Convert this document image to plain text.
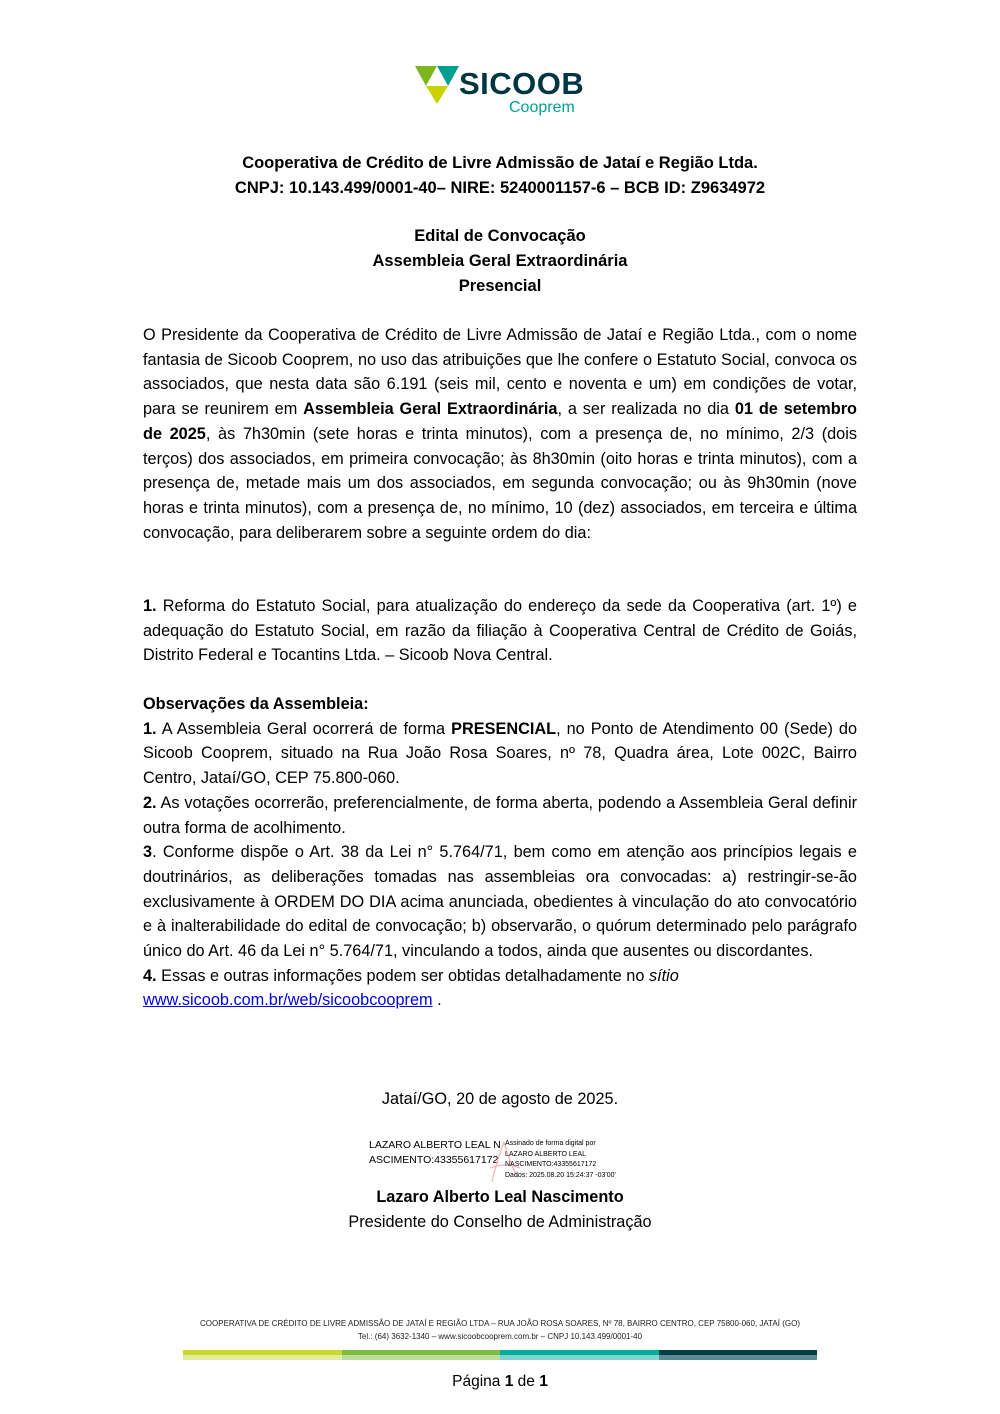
SICOOB
Cooprem
Cooperativa de Crédito de Livre Admissão de Jataí e Região Ltda.
CNPJ: 10.143.499/0001-40– NIRE: 5240001157-6 – BCB ID: Z9634972
Edital de Convocação
Assembleia Geral Extraordinária
Presencial

O Presidente da Cooperativa de Crédito de Livre Admissão de Jataí e Região Ltda., com o nome fantasia de Sicoob Cooprem, no uso das atribuições que lhe confere o Estatuto Social, convoca os associados, que nesta data são 6.191 (seis mil, cento e noventa e um) em condições de votar, para se reunirem em Assembleia Geral Extraordinária, a ser realizada no dia 01 de setembro de 2025, às 7h30min (sete horas e trinta minutos), com a presença de, no mínimo, 2/3 (dois terços) dos associados, em primeira convocação; às 8h30min (oito horas e trinta minutos), com a presença de, metade mais um dos associados, em segunda convocação; ou às 9h30min (nove horas e trinta minutos), com a presença de, no mínimo, 10 (dez) associados, em terceira e última convocação, para deliberarem sobre a seguinte ordem do dia:

1. Reforma do Estatuto Social, para atualização do endereço da sede da Cooperativa (art. 1º) e adequação do Estatuto Social, em razão da filiação à Cooperativa Central de Crédito de Goiás, Distrito Federal e Tocantins Ltda. – Sicoob Nova Central.

Observações da Assembleia:

1. A Assembleia Geral ocorrerá de forma PRESENCIAL, no Ponto de Atendimento 00 (Sede) do Sicoob Cooprem, situado na Rua João Rosa Soares, nº 78, Quadra área, Lote 002C, Bairro Centro, Jataí/GO, CEP 75.800-060.

2. As votações ocorrerão, preferencialmente, de forma aberta, podendo a Assembleia Geral definir outra forma de acolhimento.

3. Conforme dispõe o Art. 38 da Lei n° 5.764/71, bem como em atenção aos princípios legais e doutrinários, as deliberações tomadas nas assembleias ora convocadas: a) restringir-se-ão exclusivamente à ORDEM DO DIA acima anunciada, obedientes à vinculação do ato convocatório e à inalterabilidade do edital de convocação; b) observarão, o quórum determinado pelo parágrafo único do Art. 46 da Lei n° 5.764/71, vinculando a todos, ainda que ausentes ou discordantes.

4. Essas e outras informações podem ser obtidas detalhadamente no sítio
www.sicoob.com.br/web/sicoobcooprem .

Jataí/GO, 20 de agosto de 2025.
LAZARO ALBERTO LEAL NASCIMENTO:43355617172
Assinado de forma digital por
LAZARO ALBERTO LEAL
NASCIMENTO:43355617172
Dados: 2025.08.20 15:24:37 -03'00'
Lazaro Alberto Leal Nascimento
Presidente do Conselho de Administração
COOPERATIVA DE CRÉDITO DE LIVRE ADMISSÃO DE JATAÍ E REGIÃO LTDA – RUA JOÃO ROSA SOARES, Nº 78, BAIRRO CENTRO, CEP 75800-060, JATAÍ (GO)
Tel.: (64) 3632-1340 – www.sicoobcooprem.com.br – CNPJ 10.143.499/0001-40
Página 1 de 1
